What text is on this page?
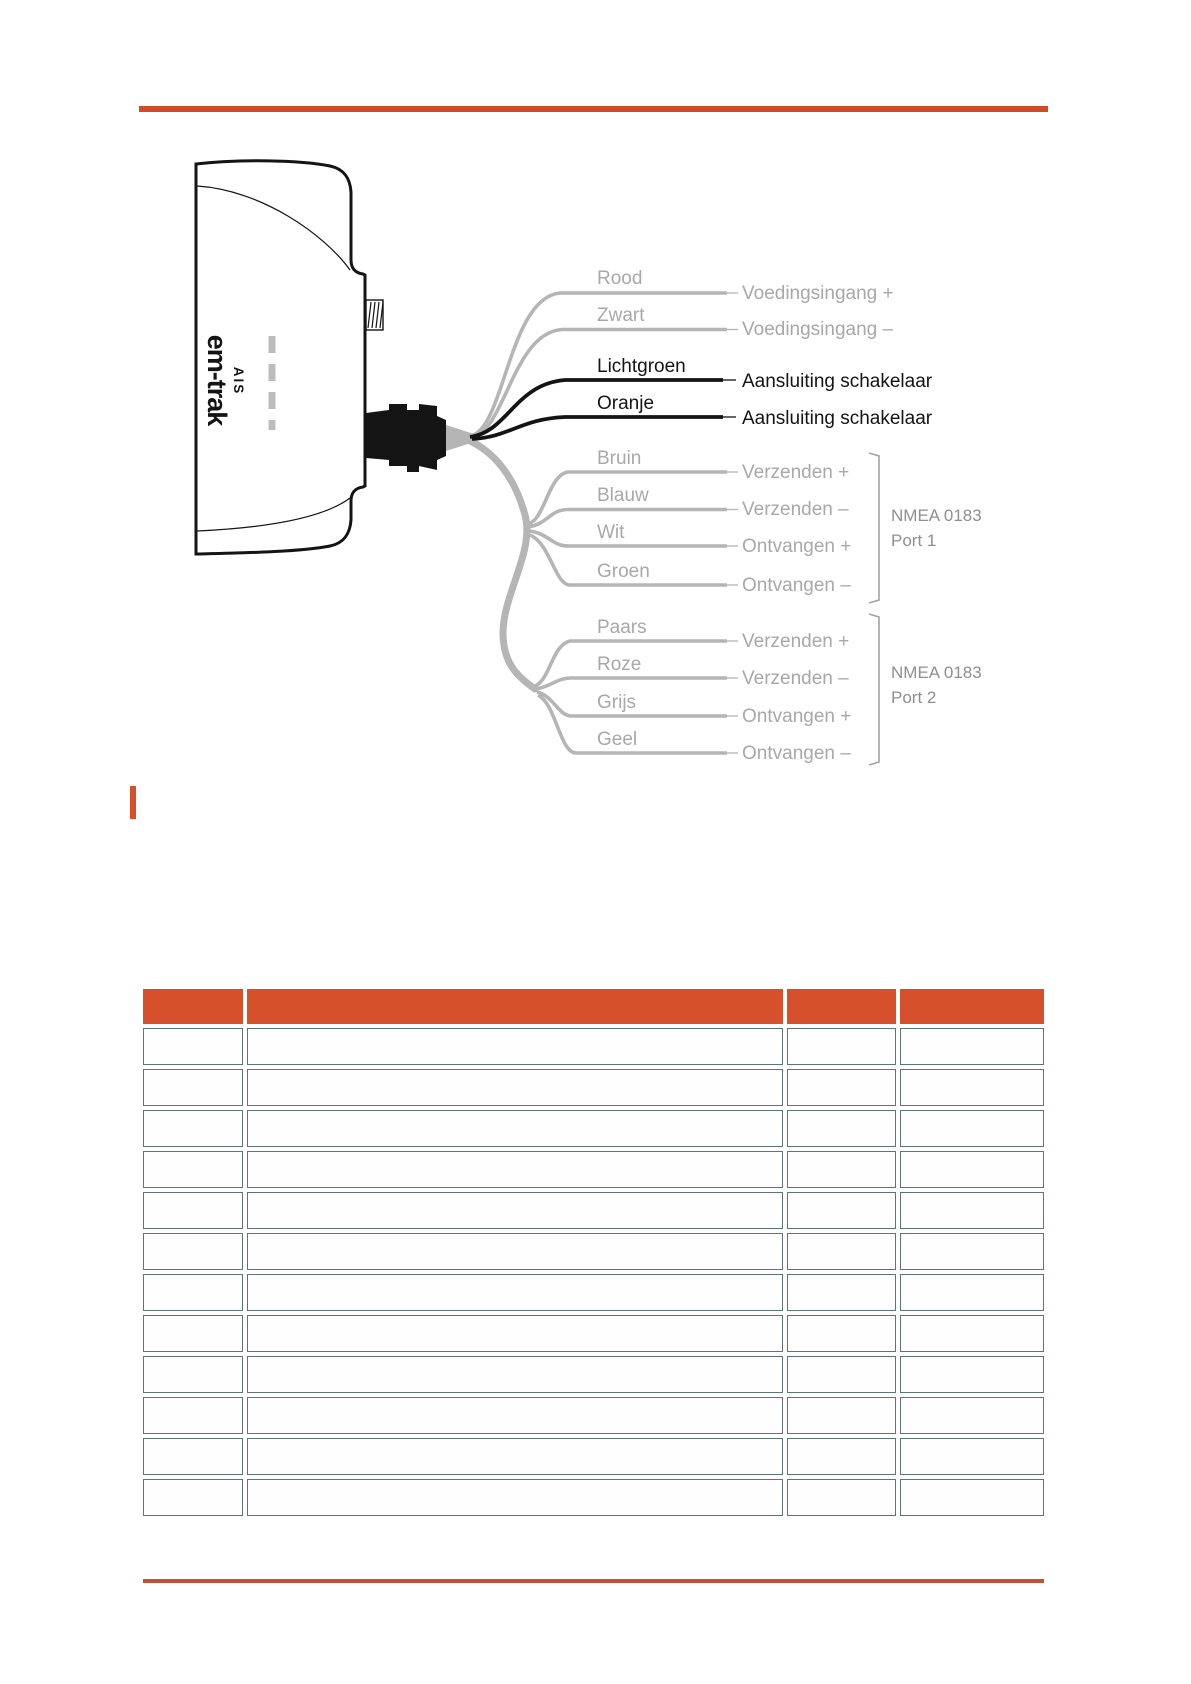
em-trak AIS
Rood
Voedingsingang +
Zwart
Voedingsingang –
Lichtgroen
Aansluiting schakelaar
Oranje
Aansluiting schakelaar
Bruin
Verzenden +
Blauw
Verzenden –
Wit
Ontvangen +
Groen
Ontvangen –
NMEA 0183
Port 1
Paars
Verzenden +
Roze
Verzenden –
Grijs
Ontvangen +
Geel
Ontvangen –
NMEA 0183
Port 2
